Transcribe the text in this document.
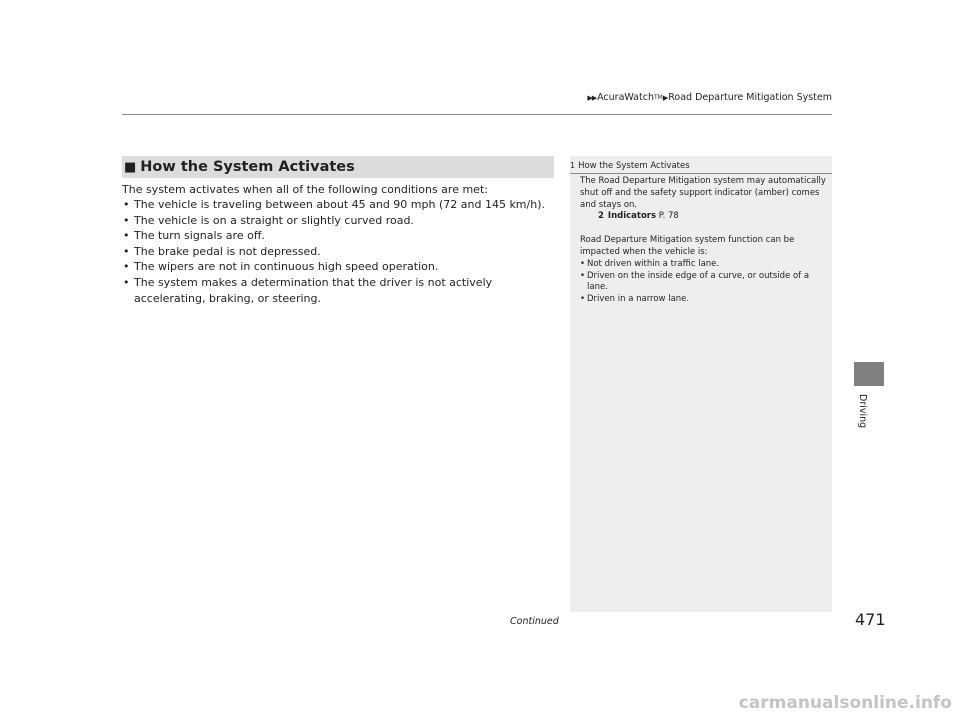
▶▶ AcuraWatch TM ▶ Road Departure Mitigation System
■ How the System Activates
The system activates when all of the following conditions are met:
• The vehicle is traveling between about 45 and 90 mph (72 and 145 km/h).
• The vehicle is on a straight or slightly curved road.
• The turn signals are off.
• The brake pedal is not depressed.
• The wipers are not in continuous high speed operation.
• The system makes a determination that the driver is not actively accelerating, braking, or steering.
1 How the System Activates

The Road Departure Mitigation system may automatically shut off and the safety support indicator (amber) comes and stays on.

2 Indicators P. 78

Road Departure Mitigation system function can be impacted when the vehicle is:

• Not driven within a traffic lane.
• Driven on the inside edge of a curve, or outside of a lane.
• Driven in a narrow lane.
Driving
Continued	471
carmanualsonline.info
